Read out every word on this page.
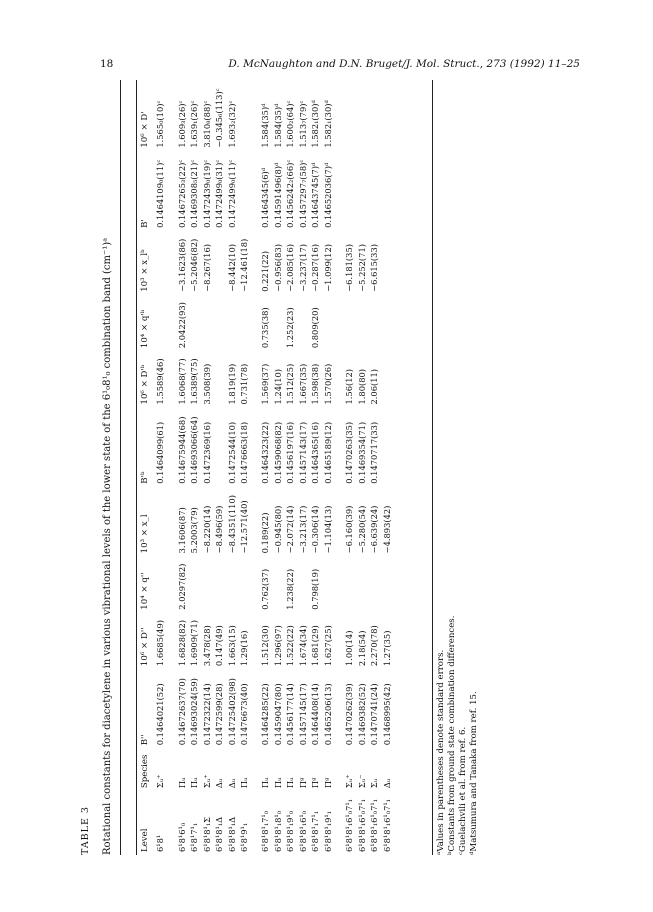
18	D. McNaughton and D.N. Bruget/J. Mol. Struct., 273 (1992) 11–25
TABLE 3 Rotational constants for diacetylene in various vibrational levels of the lower state of the 6¹₀8¹₀ combination band (cm⁻¹)ᵃ	Level	Species	B''	10⁶ × D''	10⁴ × q''	10³ × x_l	B'ᵇ	10⁶ × D'ᵇ	10⁴ × q'ᵇ	10³ × x_lᵇ	B'	10⁶ × D'
6¹8¹	Σᵤ⁺	0.1464021(52)	1.6685(49)			0.1464099(61)	1.5589(46)			0.1464109₀(11)ᶜ	1.565₀(10)ᶜ

6¹8¹6¹₀	Πᵤ	0.14672637(70)	1.6828(82)	2.0297(82)	3.1606(87)	0.14675944(68)	1.6068(77)	2.0422(93)	−3.1623(86)	0.1467265₃(22)ᶜ	1.609₃(26)ᶜ
6¹8¹7¹₁	Πᵤ	0.14693024(59)	1.6909(71)		5.2003(79)	0.14693066(64)	1.6389(75)		−5.2046(82)	0.1469308₅(21)ᶜ	1.639₁(26)ᶜ
6¹8¹8¹₁Σ	Σᵤ⁺	0.1472322(14)	3.478(28)		−8.220(14)	0.1472369(16)	3.508(39)		−8.267(16)	0.1472439₀(19)ᶜ	3.810₈(88)ᶜ
6¹8¹8¹₁Δ	Δᵤ	0.1472599(28)	0.147(49)		−8.496(59)					0.1472499₀(31)ᶜ	−0.345₆(113)ᶜ
6¹8¹8¹₁Δ	Δᵤ	0.14725402(98)	1.663(15)		−8.4351(110)	0.1472544(10)	1.819(19)		−8.442(10)	0.1472499₀(11)ᶜ	1.693₂(32)ᶜ
6¹8¹9¹₁	Πᵤ	0.1476673(40)	1.29(16)		−12.571(40)	0.1476663(18)	0.731(78)		−12.461(18)		

6¹8¹8¹₁7¹₀	Πᵤ	0.1464285(22)	1.512(30)	0.762(37)	0.189(22)	0.1464323(22)	1.569(37)	0.735(38)	0.221(22)	0.1464345(6)ᵈ	1.584(35)ᵈ
6¹8¹8¹₁8¹₀	Πᵤ	0.1459047(80)	1.296(97)		−0.945(80)	0.1459068(82)	1.24(10)		−0.956(83)	0.14591496(8)ᵈ	1.584(35)ᵈ
6¹8¹8¹₁9¹₀	Πᵤ	0.1456177(14)	1.522(22)	1.238(22)	−2.072(14)	0.1456197(16)	1.512(25)	1.252(23)	−2.085(16)	0.1456242₂(66)ᶜ	1.600₂(64)ᶜ
6¹8¹8¹₁6¹₀	Πᵍ	0.1457145(17)	1.674(34)		−3.213(17)	0.1457143(17)	1.667(35)		−3.237(17)	0.1457297₇(58)ᶜ	1.513₇(79)ᶜ
6¹8¹8¹₁7¹₁	Πᵍ	0.1464408(14)	1.681(29)	0.798(19)	−0.306(14)	0.1464365(16)	1.598(38)	0.809(20)	−0.287(16)	0.14643745(7)ᵈ	1.582₁(30)ᵈ
6¹8¹8¹₁9¹₁	Πᵍ	0.1465206(13)	1.627(25)		−1.104(13)	0.1465189(12)	1.570(26)		−1.099(12)	0.14652036(7)ᵈ	1.582₁(30)ᵈ

6¹8¹8¹₁6¹₀7¹₁	Σᵤ⁺	0.1470262(39)	1.00(14)		−6.160(39)	0.1470263(35)	1.56(12)		−6.181(35)		
6¹8¹8¹₁6¹₀7¹₁	Σᵤ⁻	0.1469382(52)	2.18(54)		−5.280(54)	0.1469354(71)	1.80(80)		−5.252(71)		
6¹8¹8¹₁6¹₀7¹₁	Σᵤ	0.1470741(24)	2.270(78)		−6.639(24)	0.1470717(33)	2.06(11)		−6.615(33)		
6¹8¹8¹₁6¹₀7¹₁	Δᵤ	0.1468995(42)	1.27(35)		−4.893(42)						
ᵃValues in parentheses denote standard errors. ᵇConstants from ground state combination differences. ᶜGuelachvili et al. from ref. 6. ᵈMatsumura and Tanaka from ref. 15.
